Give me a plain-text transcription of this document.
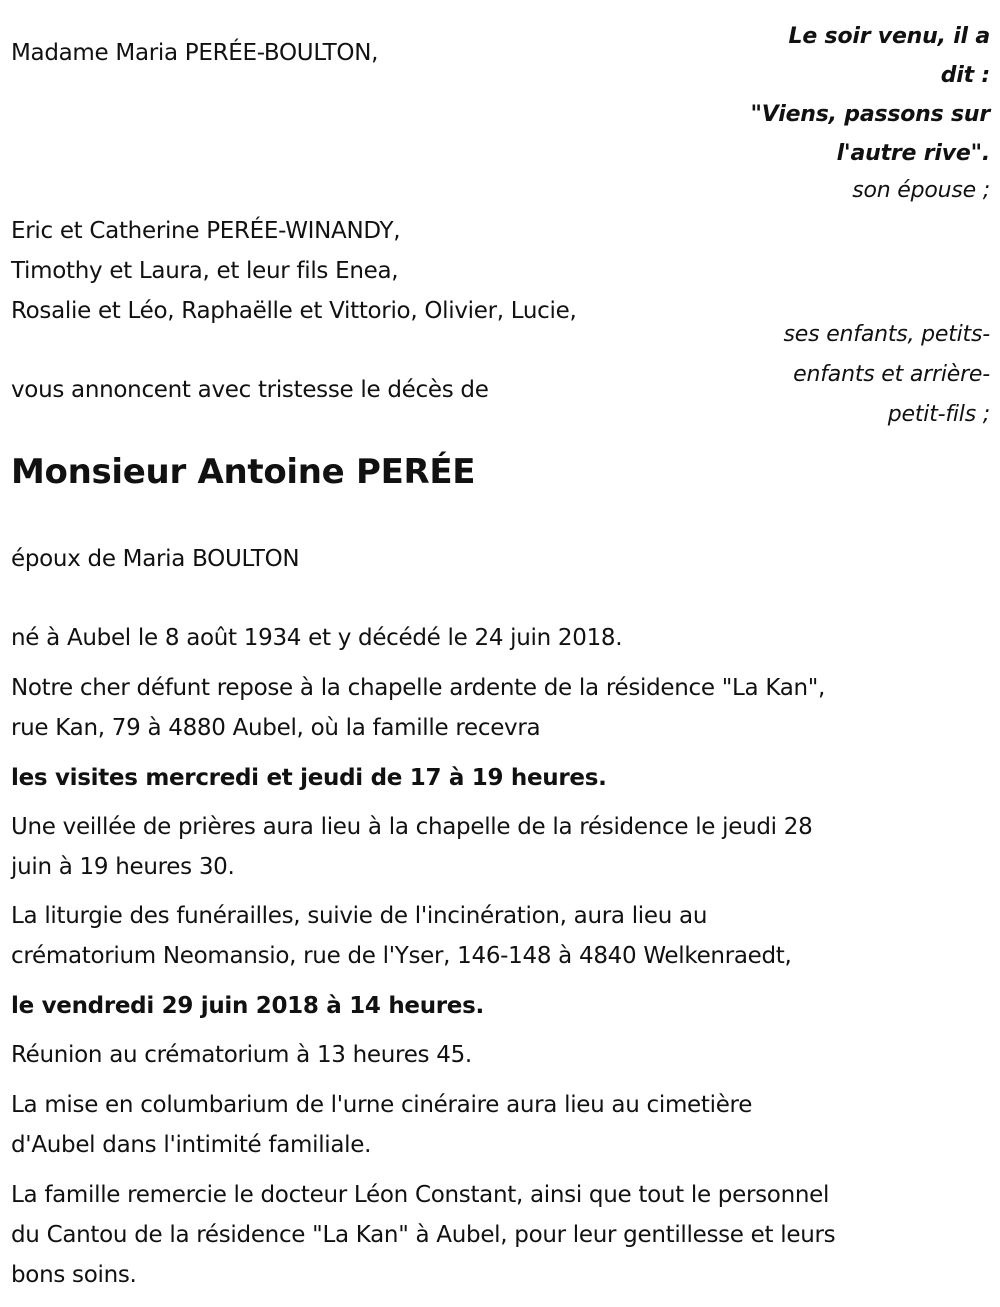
Madame Maria PERÉE-BOULTON,
Le soir venu, il a
dit :
"Viens, passons sur
l'autre rive".
son épouse ;
Eric et Catherine PERÉE-WINANDY,
Timothy et Laura, et leur fils Enea,
Rosalie et Léo, Raphaëlle et Vittorio, Olivier, Lucie,
ses enfants, petits-
enfants et arrière-
petit-fils ;
vous annoncent avec tristesse le décès de
Monsieur Antoine PERÉE
époux de Maria BOULTON
né à Aubel le 8 août 1934 et y décédé le 24 juin 2018.
Notre cher défunt repose à la chapelle ardente de la résidence "La Kan",
rue Kan, 79 à 4880 Aubel, où la famille recevra
les visites mercredi et jeudi de 17 à 19 heures.
Une veillée de prières aura lieu à la chapelle de la résidence le jeudi 28
juin à 19 heures 30.
La liturgie des funérailles, suivie de l'incinération, aura lieu au
crématorium Neomansio, rue de l'Yser, 146-148 à 4840 Welkenraedt,
le vendredi 29 juin 2018 à 14 heures.
Réunion au crématorium à 13 heures 45.
La mise en columbarium de l'urne cinéraire aura lieu au cimetière
d'Aubel dans l'intimité familiale.
La famille remercie le docteur Léon Constant, ainsi que tout le personnel
du Cantou de la résidence "La Kan" à Aubel, pour leur gentillesse et leurs
bons soins.
